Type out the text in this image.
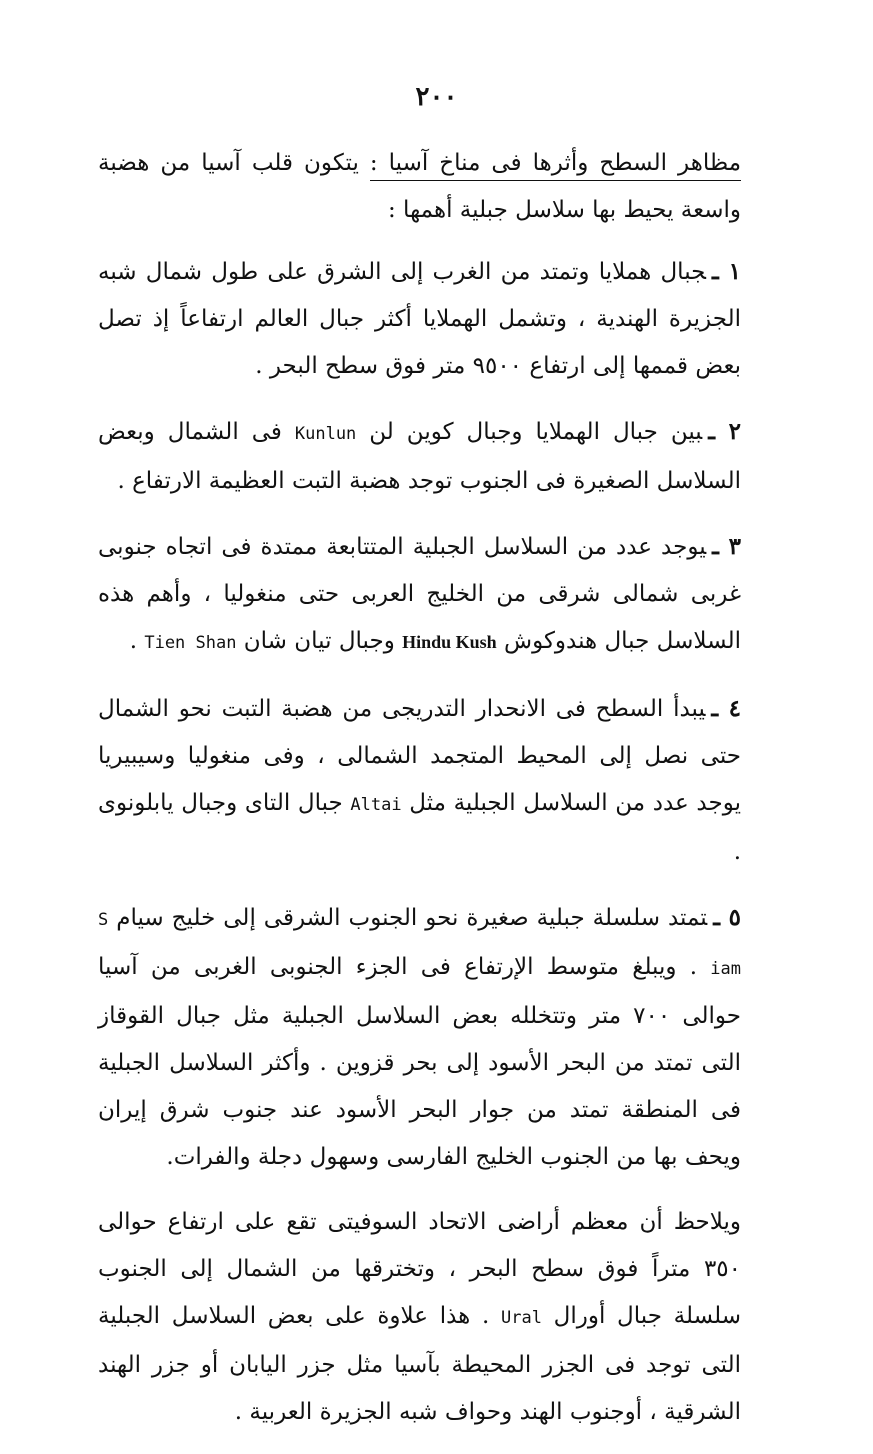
٢٠٠

مظاهر السطح وأثرها فى مناخ آسيا : يتكون قلب آسيا من هضبة واسعة يحيط بها سلاسل جبلية أهمها :

١ ـجبال هملايا وتمتد من الغرب إلى الشرق على طول شمال شبه الجزيرة الهندية ، وتشمل الهملايا أكثر جبال العالم ارتفاعاً إذ تصل بعض قممها إلى ارتفاع ٩٥٠٠ متر فوق سطح البحر .

٢ ـبين جبال الهملايا وجبال كوين لن Kunlun فى الشمال وبعض السلاسل الصغيرة فى الجنوب توجد هضبة التبت العظيمة الارتفاع .

٣ ـيوجد عدد من السلاسل الجبلية المتتابعة ممتدة فى اتجاه جنوبى غربى شمالى شرقى من الخليج العربى حتى منغوليا ، وأهم هذه السلاسل جبال هندوكوش Hindu Kush وجبال تيان شان Tien Shan .

٤ ـيبدأ السطح فى الانحدار التدريجى من هضبة التبت نحو الشمال حتى نصل إلى المحيط المتجمد الشمالى ، وفى منغوليا وسيبيريا يوجد عدد من السلاسل الجبلية مثل Altai جبال التاى وجبال يابلونوى .

٥ ـتمتد سلسلة جبلية صغيرة نحو الجنوب الشرقى إلى خليج سيام S iam . ويبلغ متوسط الإرتفاع فى الجزء الجنوبى الغربى من آسيا حوالى ٧٠٠ متر وتتخلله بعض السلاسل الجبلية مثل جبال القوقاز التى تمتد من البحر الأسود إلى بحر قزوين . وأكثر السلاسل الجبلية فى المنطقة تمتد من جوار البحر الأسود عند جنوب شرق إيران ويحف بها من الجنوب الخليج الفارسى وسهول دجلة والفرات.

ويلاحظ أن معظم أراضى الاتحاد السوفيتى تقع على ارتفاع حوالى ٣٥٠ متراً فوق سطح البحر ، وتخترقها من الشمال إلى الجنوب سلسلة جبال أورال Ural . هذا علاوة على بعض السلاسل الجبلية التى توجد فى الجزر المحيطة بآسيا مثل جزر اليابان أو جزر الهند الشرقية ، أوجنوب الهند وحواف شبه الجزيرة العربية .
